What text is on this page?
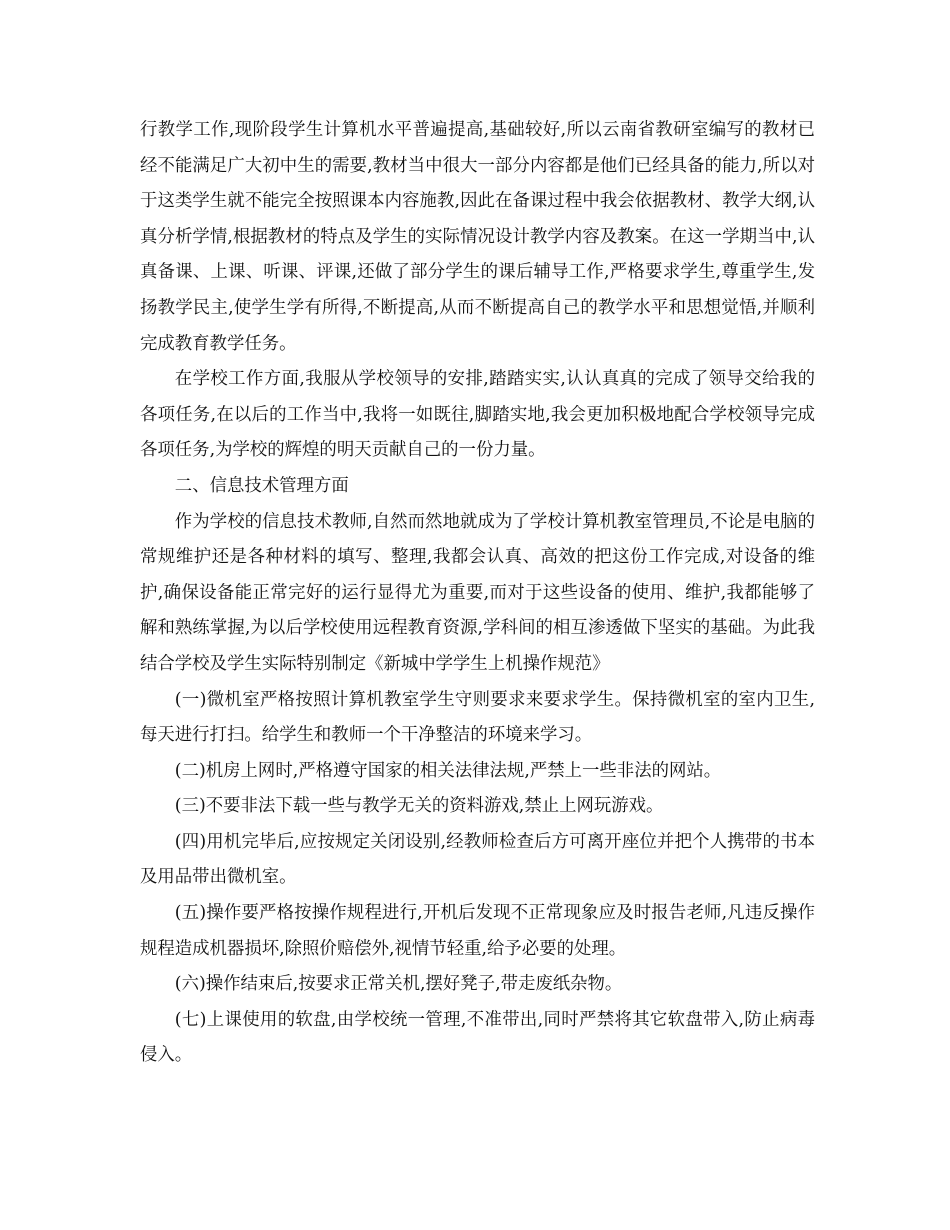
行教学工作,现阶段学生计算机水平普遍提高,基础较好,所以云南省教研室编写的教材已经不能满足广大初中生的需要,教材当中很大一部分内容都是他们已经具备的能力,所以对于这类学生就不能完全按照课本内容施教,因此在备课过程中我会依据教材、教学大纲,认真分析学情,根据教材的特点及学生的实际情况设计教学内容及教案。在这一学期当中,认真备课、上课、听课、评课,还做了部分学生的课后辅导工作,严格要求学生,尊重学生,发扬教学民主,使学生学有所得,不断提高,从而不断提高自己的教学水平和思想觉悟,并顺利完成教育教学任务。

在学校工作方面,我服从学校领导的安排,踏踏实实,认认真真的完成了领导交给我的各项任务,在以后的工作当中,我将一如既往,脚踏实地,我会更加积极地配合学校领导完成各项任务,为学校的辉煌的明天贡献自己的一份力量。

二、信息技术管理方面

作为学校的信息技术教师,自然而然地就成为了学校计算机教室管理员,不论是电脑的常规维护还是各种材料的填写、整理,我都会认真、高效的把这份工作完成,对设备的维护,确保设备能正常完好的运行显得尤为重要,而对于这些设备的使用、维护,我都能够了解和熟练掌握,为以后学校使用远程教育资源,学科间的相互渗透做下坚实的基础。为此我结合学校及学生实际特别制定《新城中学学生上机操作规范》

(一)微机室严格按照计算机教室学生守则要求来要求学生。保持微机室的室内卫生,每天进行打扫。给学生和教师一个干净整洁的环境来学习。

(二)机房上网时,严格遵守国家的相关法律法规,严禁上一些非法的网站。

(三)不要非法下载一些与教学无关的资料游戏,禁止上网玩游戏。

(四)用机完毕后,应按规定关闭设别,经教师检查后方可离开座位并把个人携带的书本及用品带出微机室。

(五)操作要严格按操作规程进行,开机后发现不正常现象应及时报告老师,凡违反操作规程造成机器损坏,除照价赔偿外,视情节轻重,给予必要的处理。

(六)操作结束后,按要求正常关机,摆好凳子,带走废纸杂物。

(七)上课使用的软盘,由学校统一管理,不准带出,同时严禁将其它软盘带入,防止病毒侵入。
